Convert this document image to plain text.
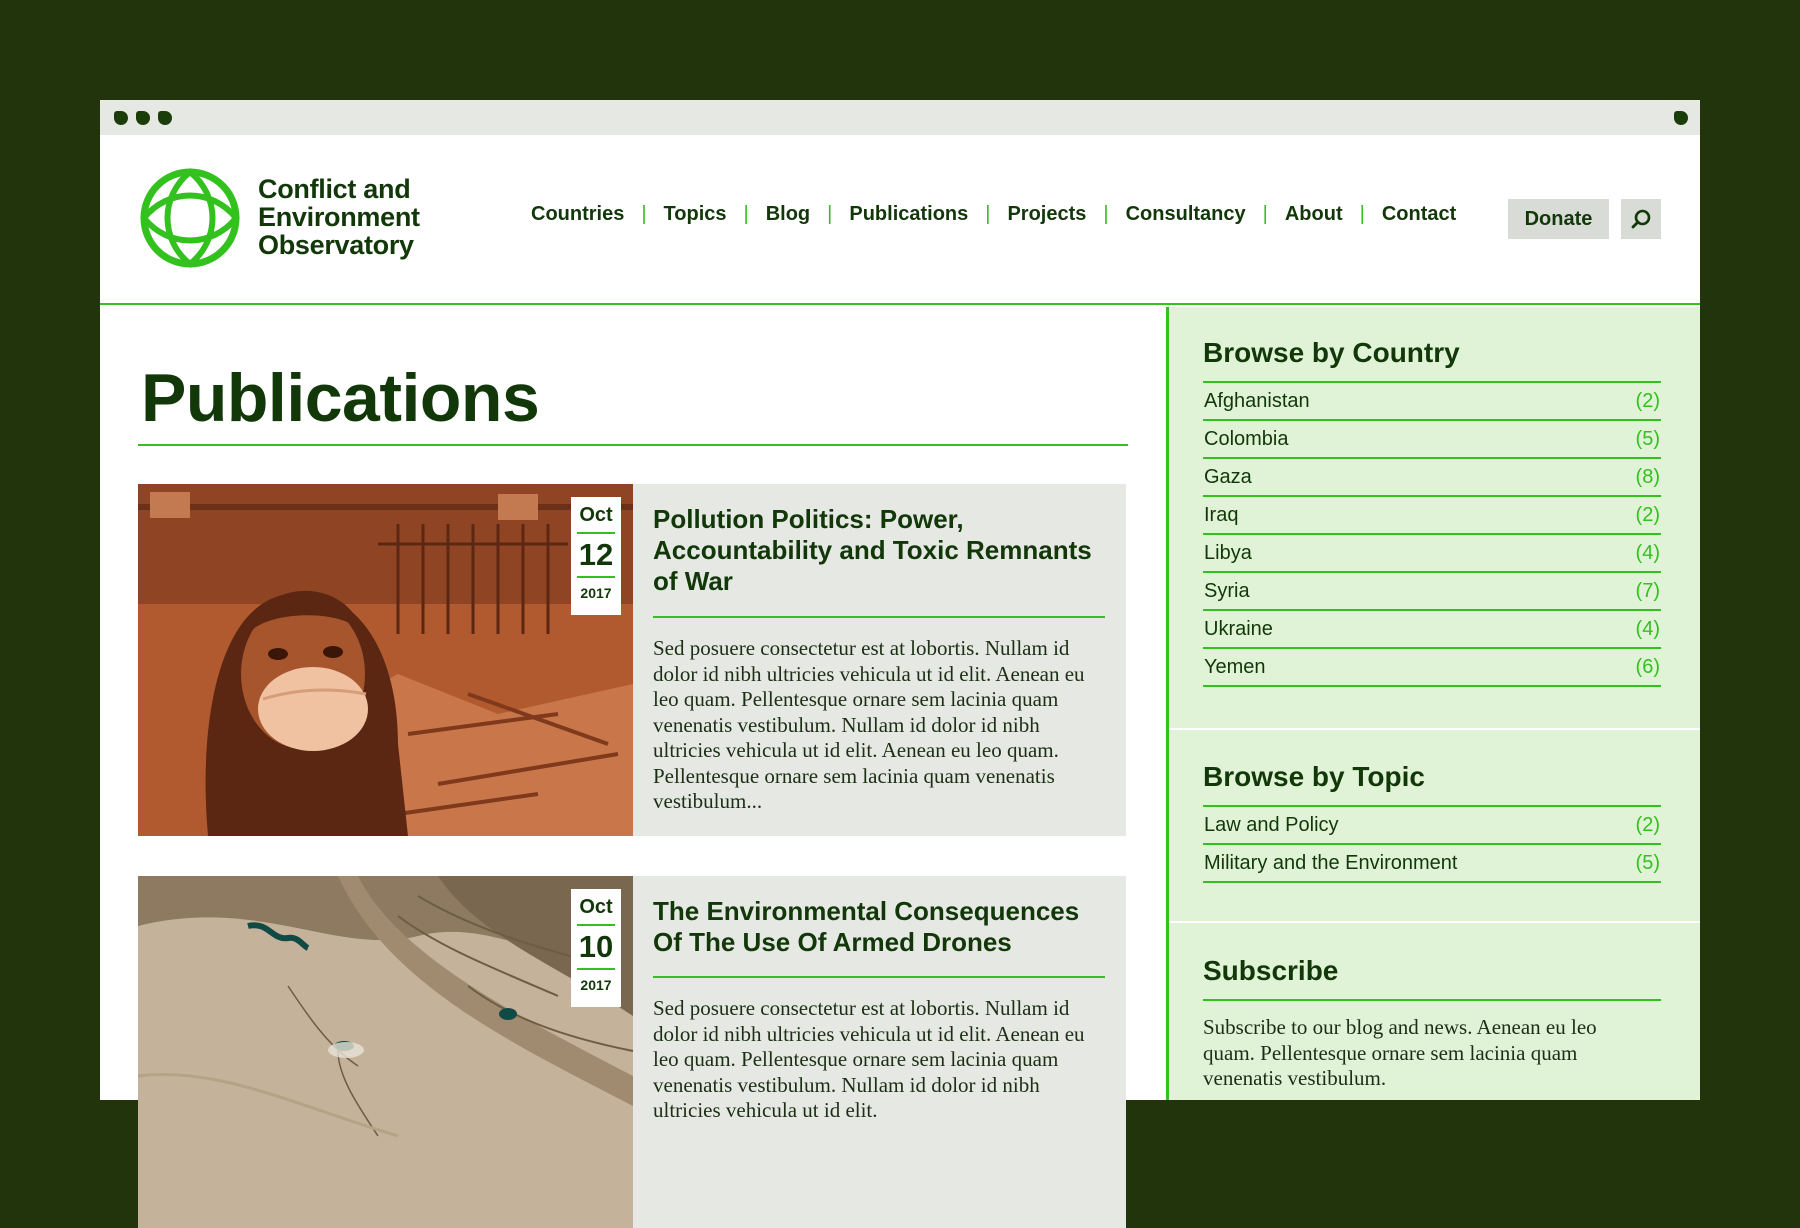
Conflict and
Environment
Observatory
Countries | Topics | Blog | Publications | Projects | Consultancy | About | Contact	Donate
Publications
Oct
12
2017
Pollution Politics: Power, Accountability and Toxic Remnants of War
Sed posuere consectetur est at lobortis. Nullam id dolor id nibh ultricies vehicula ut id elit. Aenean eu leo quam. Pellentesque ornare sem lacinia quam venenatis vestibulum. Nullam id dolor id nibh ultricies vehicula ut id elit. Aenean eu leo quam. Pellentesque ornare sem lacinia quam venenatis vestibulum...
Oct
10
2017
The Environmental Consequences Of The Use Of Armed Drones
Sed posuere consectetur est at lobortis. Nullam id dolor id nibh ultricies vehicula ut id elit. Aenean eu leo quam. Pellentesque ornare sem lacinia quam venenatis vestibulum. Nullam id dolor id nibh ultricies vehicula ut id elit.
Browse by Country
Afghanistan	(2)
Colombia	(5)
Gaza	(8)
Iraq	(2)
Libya	(4)
Syria	(7)
Ukraine	(4)
Yemen	(6)
Browse by Topic
Law and Policy	(2)
Military and the Environment	(5)
Subscribe

Subscribe to our blog and news. Aenean eu leo quam. Pellentesque ornare sem lacinia quam venenatis vestibulum.
